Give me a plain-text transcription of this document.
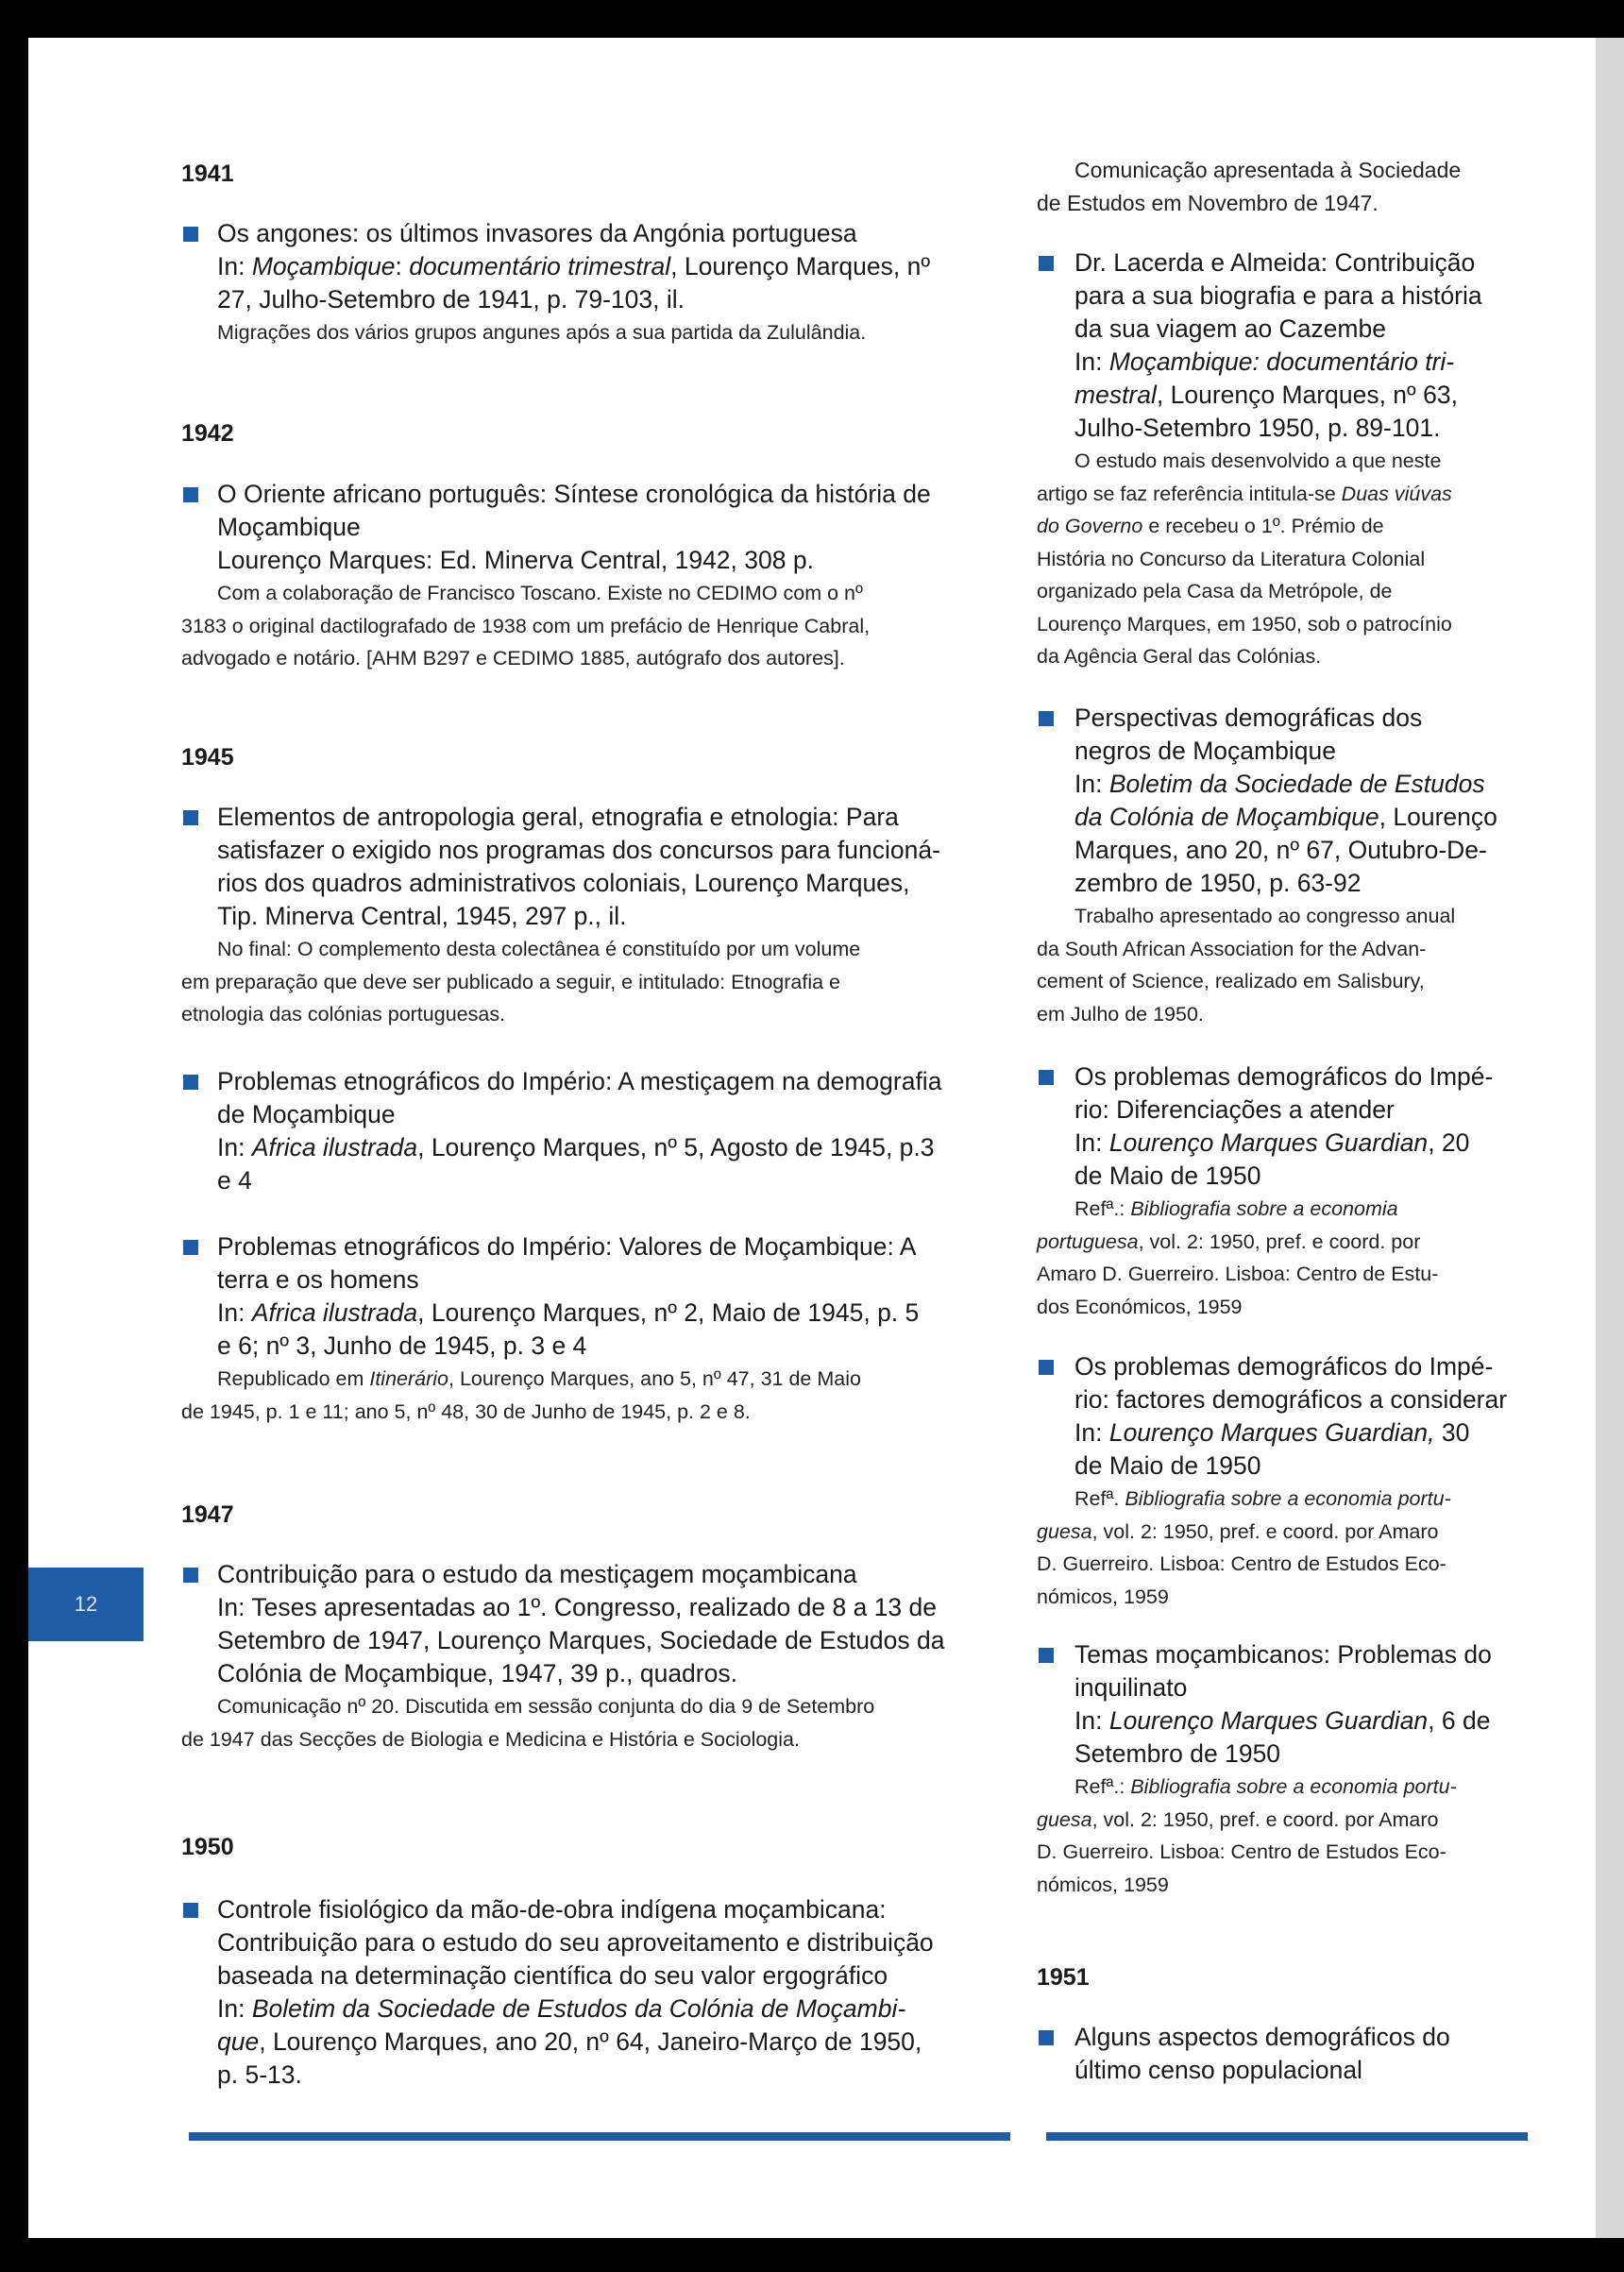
12
1941
Os angones: os últimos invasores da Angónia portuguesa
In: Moçambique: documentário trimestral, Lourenço Marques, nº
27, Julho-Setembro de 1941, p. 79-103, il.
Migrações dos vários grupos angunes após a sua partida da Zululândia.
1942
O Oriente africano português: Síntese cronológica da história de
Moçambique
Lourenço Marques: Ed. Minerva Central, 1942, 308 p.
Com a colaboração de Francisco Toscano. Existe no CEDIMO com o nº
3183 o original dactilografado de 1938 com um prefácio de Henrique Cabral,
advogado e notário. [AHM B297 e CEDIMO 1885, autógrafo dos autores].
1945
Elementos de antropologia geral, etnografia e etnologia: Para
satisfazer o exigido nos programas dos concursos para funcioná-
rios dos quadros administrativos coloniais, Lourenço Marques,
Tip. Minerva Central, 1945, 297 p., il.
No final: O complemento desta colectânea é constituído por um volume
em preparação que deve ser publicado a seguir, e intitulado: Etnografia e
etnologia das colónias portuguesas.
Problemas etnográficos do Império: A mestiçagem na demografia
de Moçambique
In: Africa ilustrada, Lourenço Marques, nº 5, Agosto de 1945, p.3
e 4
Problemas etnográficos do Império: Valores de Moçambique: A
terra e os homens
In: Africa ilustrada, Lourenço Marques, nº 2, Maio de 1945, p. 5
e 6; nº 3, Junho de 1945, p. 3 e 4
Republicado em Itinerário, Lourenço Marques, ano 5, nº 47, 31 de Maio
de 1945, p. 1 e 11; ano 5, nº 48, 30 de Junho de 1945, p. 2 e 8.
1947
Contribuição para o estudo da mestiçagem moçambicana
In: Teses apresentadas ao 1º. Congresso, realizado de 8 a 13 de
Setembro de 1947, Lourenço Marques, Sociedade de Estudos da
Colónia de Moçambique, 1947, 39 p., quadros.
Comunicação nº 20. Discutida em sessão conjunta do dia 9 de Setembro
de 1947 das Secções de Biologia e Medicina e História e Sociologia.
1950
Controle fisiológico da mão-de-obra indígena moçambicana:
Contribuição para o estudo do seu aproveitamento e distribuição
baseada na determinação científica do seu valor ergográfico
In: Boletim da Sociedade de Estudos da Colónia de Moçambi-
que, Lourenço Marques, ano 20, nº 64, Janeiro-Março de 1950,
p. 5-13.
Comunicação apresentada à Sociedade
de Estudos em Novembro de 1947.
Dr. Lacerda e Almeida: Contribuição
para a sua biografia e para a história
da sua viagem ao Cazembe
In: Moçambique: documentário tri-
mestral, Lourenço Marques, nº 63,
Julho-Setembro 1950, p. 89-101.
O estudo mais desenvolvido a que neste
artigo se faz referência intitula-se Duas viúvas
do Governo e recebeu o 1º. Prémio de
História no Concurso da Literatura Colonial
organizado pela Casa da Metrópole, de
Lourenço Marques, em 1950, sob o patrocínio
da Agência Geral das Colónias.
Perspectivas demográficas dos
negros de Moçambique
In: Boletim da Sociedade de Estudos
da Colónia de Moçambique, Lourenço
Marques, ano 20, nº 67, Outubro-De-
zembro de 1950, p. 63-92
Trabalho apresentado ao congresso anual
da South African Association for the Advan-
cement of Science, realizado em Salisbury,
em Julho de 1950.
Os problemas demográficos do Impé-
rio: Diferenciações a atender
In: Lourenço Marques Guardian, 20
de Maio de 1950
Refª.: Bibliografia sobre a economia
portuguesa, vol. 2: 1950, pref. e coord. por
Amaro D. Guerreiro. Lisboa: Centro de Estu-
dos Económicos, 1959
Os problemas demográficos do Impé-
rio: factores demográficos a considerar
In: Lourenço Marques Guardian, 30
de Maio de 1950
Refª. Bibliografia sobre a economia portu-
guesa, vol. 2: 1950, pref. e coord. por Amaro
D. Guerreiro. Lisboa: Centro de Estudos Eco-
nómicos, 1959
Temas moçambicanos: Problemas do
inquilinato
In: Lourenço Marques Guardian, 6 de
Setembro de 1950
Refª.: Bibliografia sobre a economia portu-
guesa, vol. 2: 1950, pref. e coord. por Amaro
D. Guerreiro. Lisboa: Centro de Estudos Eco-
nómicos, 1959
1951
Alguns aspectos demográficos do
último censo populacional
